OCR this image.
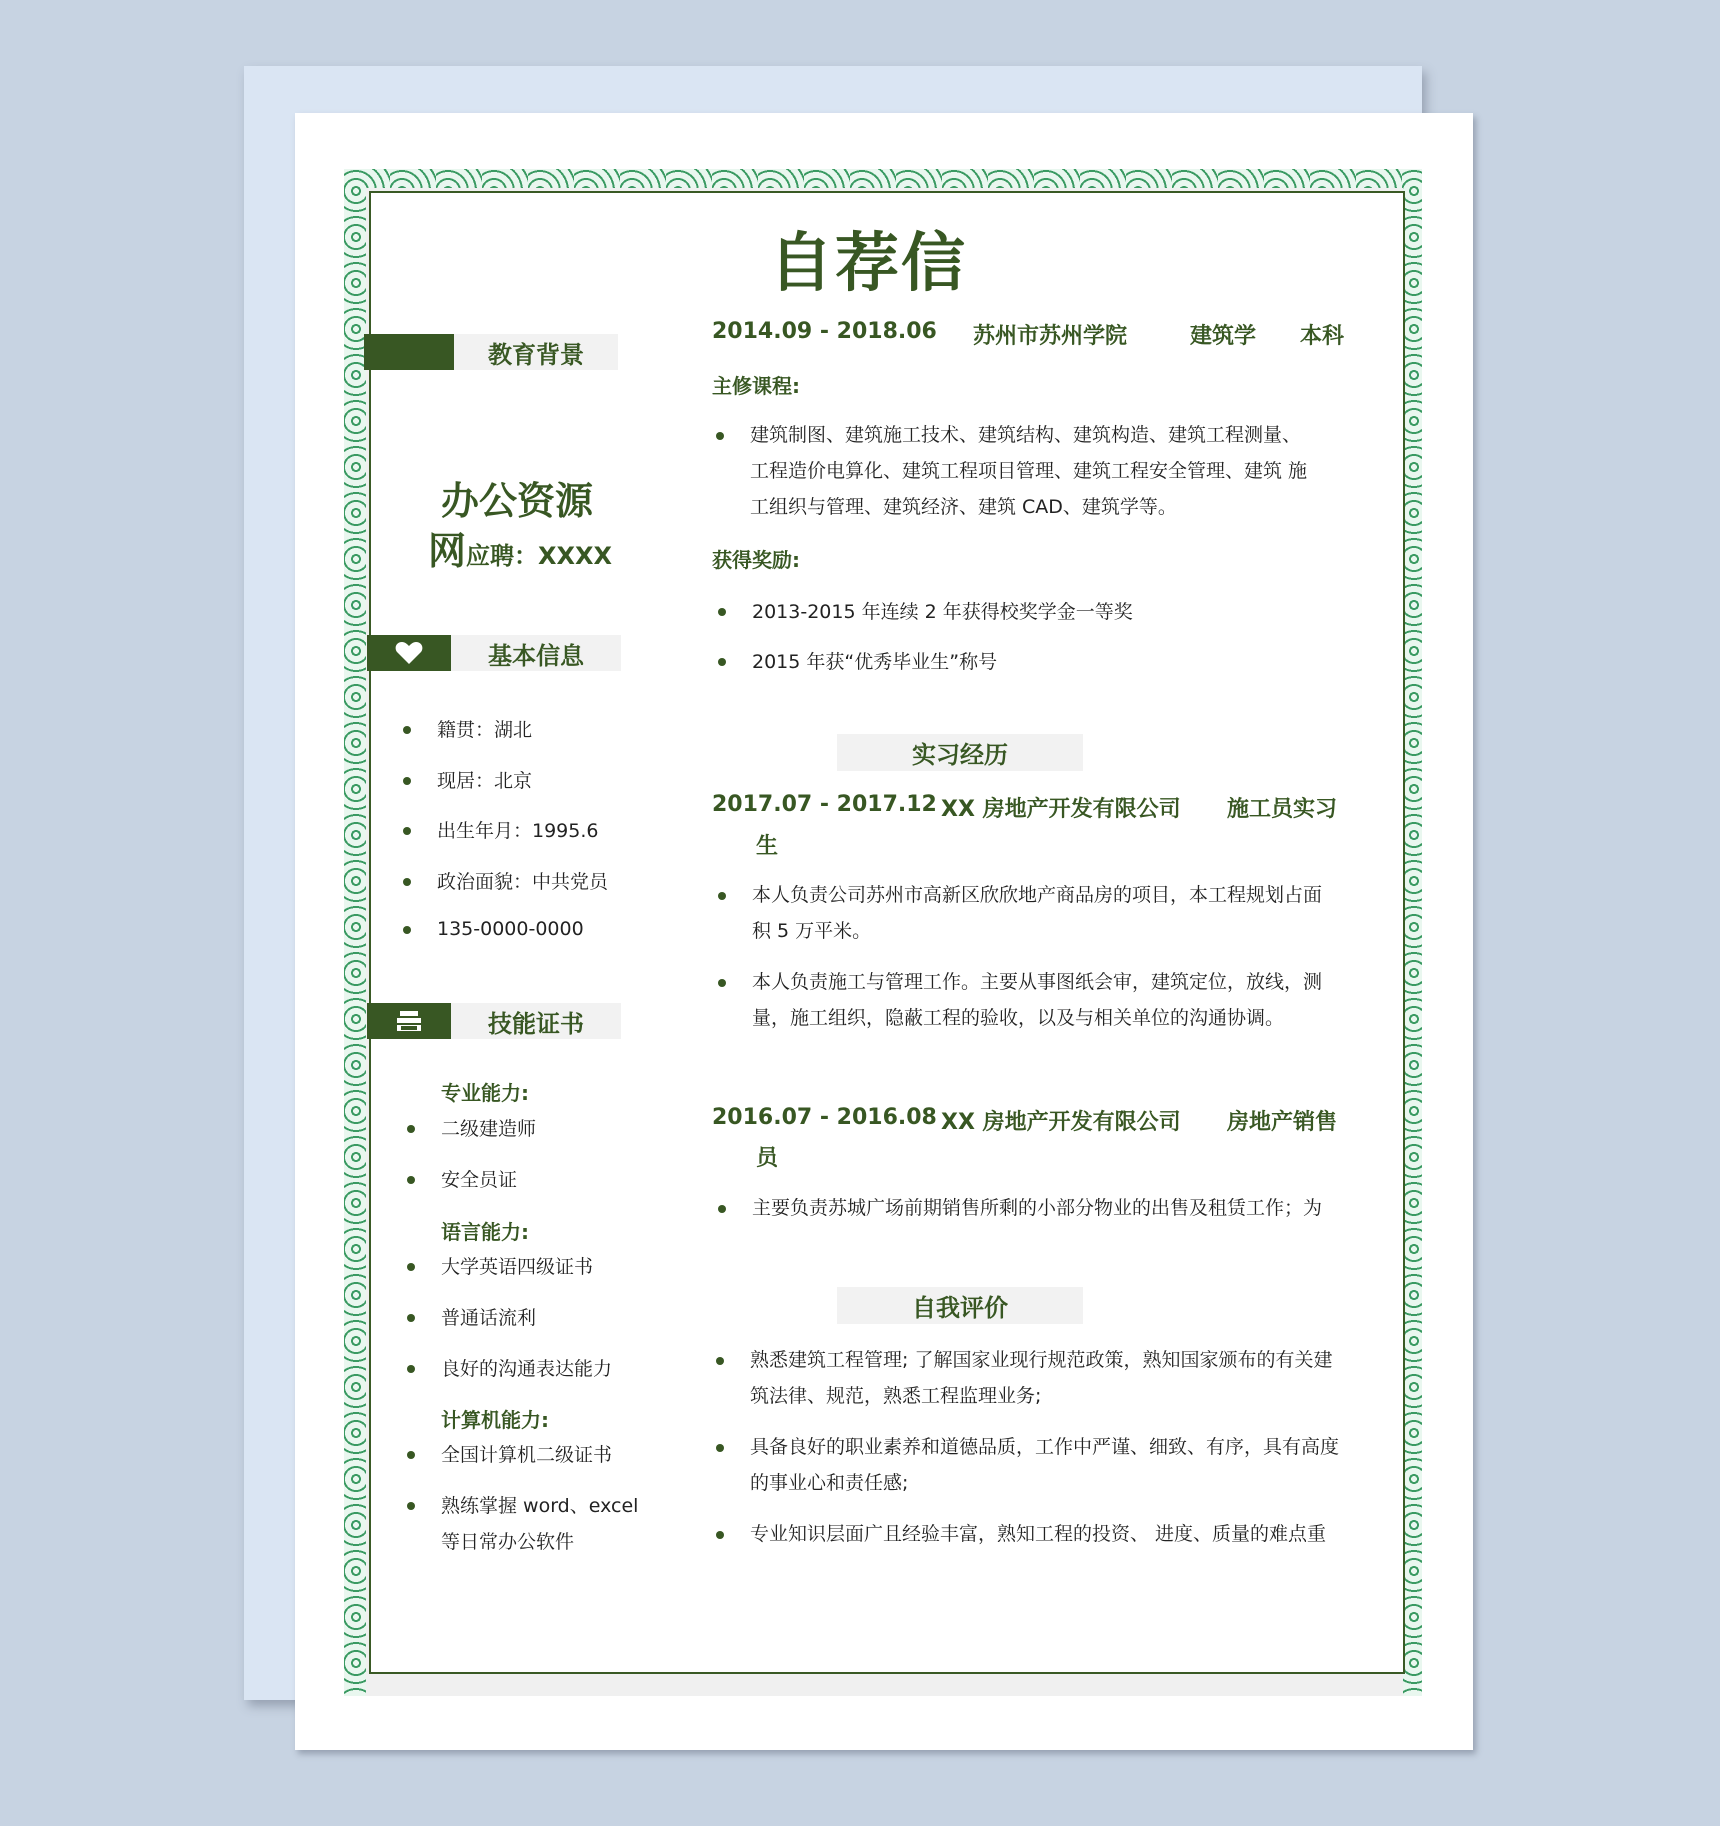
自荐信
教育背景
办公资源
网应聘：XXXX
基本信息
籍贯：湖北
现居：北京
出生年月：1995.6
政治面貌：中共党员
135-0000-0000
技能证书
专业能力:
二级建造师
安全员证
语言能力:
大学英语四级证书
普通话流利
良好的沟通表达能力
计算机能力:
全国计算机二级证书
熟练掌握 word、excel
等日常办公软件
2014.09 - 2018.06 苏州市苏州学院	建筑学 本科
主修课程:
建筑制图、建筑施工技术、建筑结构、建筑构造、建筑工程测量、
工程造价电算化、建筑工程项目管理、建筑工程安全管理、建筑 施
工组织与管理、建筑经济、建筑 CAD、建筑学等。
获得奖励:
2013-2015 年连续 2 年获得校奖学金一等奖
2015 年获“优秀毕业生”称号
实习经历
2017.07 - 2017.12 XX 房地产开发有限公司 施工员实习
生
本人负责公司苏州市高新区欣欣地产商品房的项目，本工程规划占面
积 5 万平米。
本人负责施工与管理工作。主要从事图纸会审，建筑定位，放线，测
量，施工组织，隐蔽工程的验收，以及与相关单位的沟通协调。
2016.07 - 2016.08 XX 房地产开发有限公司 房地产销售
员
主要负责苏城广场前期销售所剩的小部分物业的出售及租赁工作；为
自我评价
熟悉建筑工程管理; 了解国家业现行规范政策，熟知国家颁布的有关建
筑法律、规范，熟悉工程监理业务;
具备良好的职业素养和道德品质，工作中严谨、细致、有序，具有高度
的事业心和责任感;
专业知识层面广且经验丰富，熟知工程的投资、 进度、质量的难点重
